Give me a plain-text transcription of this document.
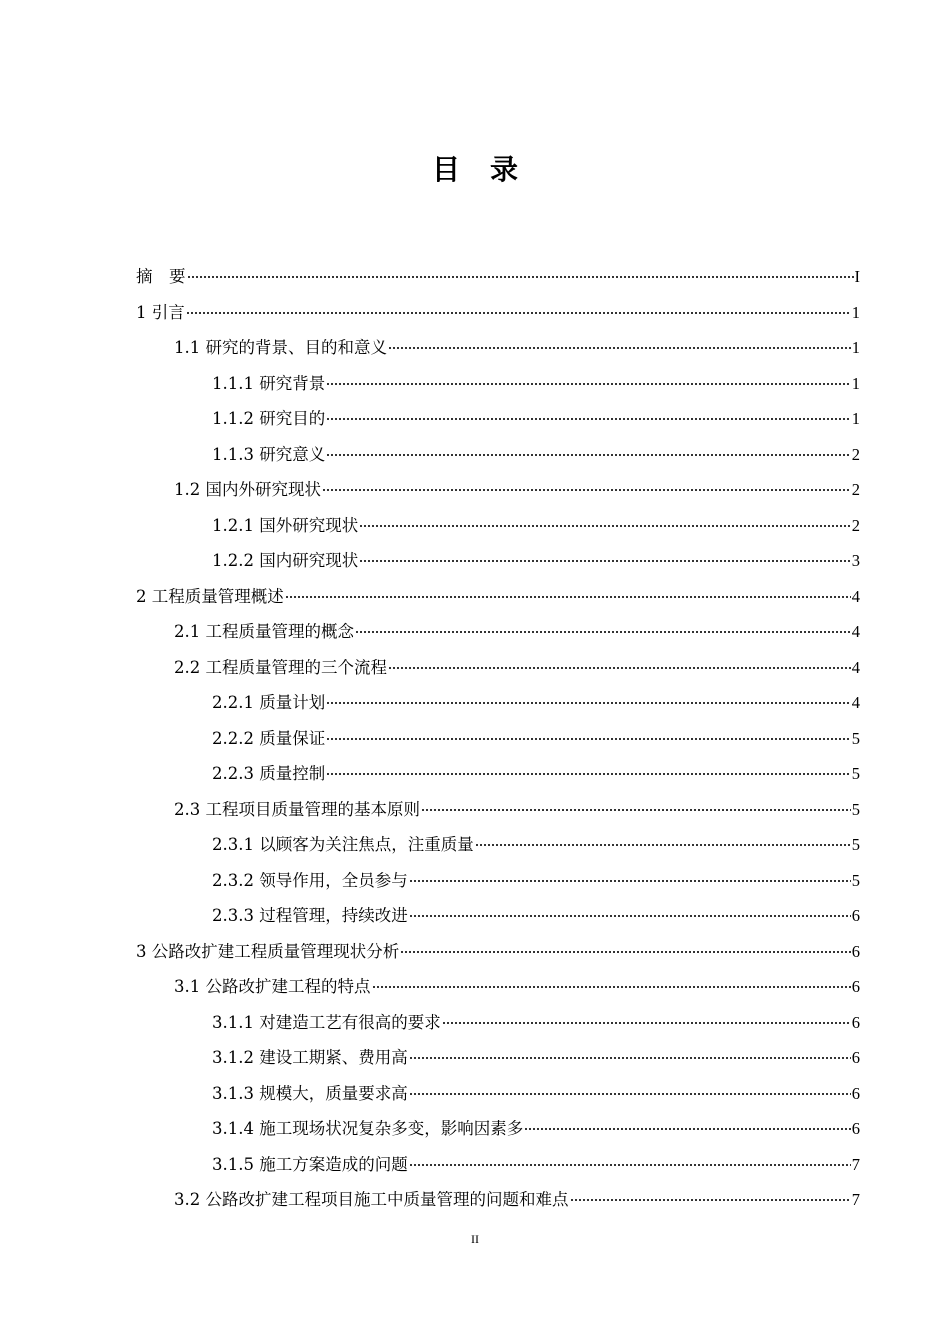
目 录
摘　要	I
1 引言	1
1.1 研究的背景、目的和意义	1
1.1.1 研究背景	1
1.1.2 研究目的	1
1.1.3 研究意义	2
1.2 国内外研究现状	2
1.2.1 国外研究现状	2
1.2.2 国内研究现状	3
2 工程质量管理概述	4
2.1 工程质量管理的概念	4
2.2 工程质量管理的三个流程	4
2.2.1 质量计划	4
2.2.2 质量保证	5
2.2.3 质量控制	5
2.3 工程项目质量管理的基本原则	5
2.3.1 以顾客为关注焦点，注重质量	5
2.3.2 领导作用，全员参与	5
2.3.3 过程管理，持续改进	6
3 公路改扩建工程质量管理现状分析	6
3.1 公路改扩建工程的特点	6
3.1.1 对建造工艺有很高的要求	6
3.1.2 建设工期紧、费用高	6
3.1.3 规模大，质量要求高	6
3.1.4 施工现场状况复杂多变，影响因素多	6
3.1.5 施工方案造成的问题	7
3.2 公路改扩建工程项目施工中质量管理的问题和难点	7
II
